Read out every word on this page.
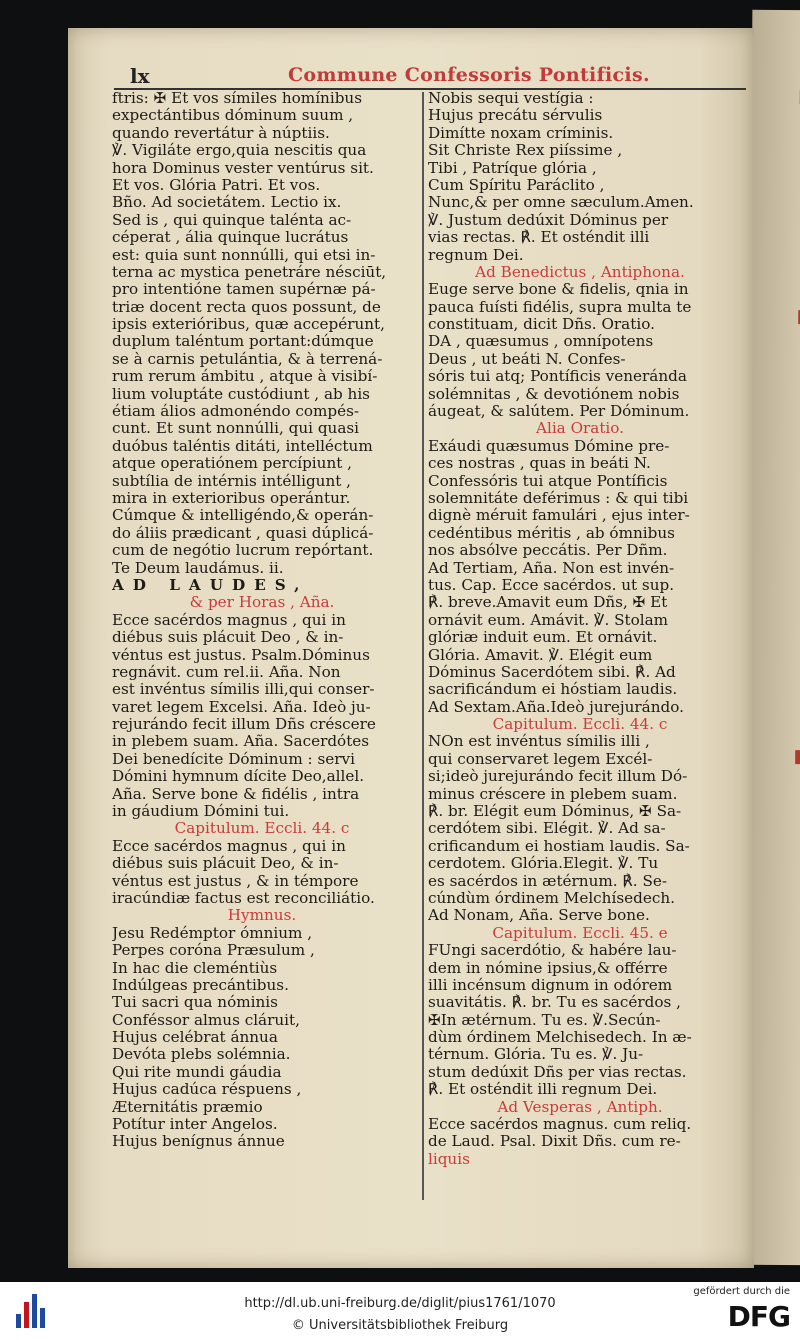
lx	Commune Confessoris Pontificis.
ftris: ✠ Et vos símiles homínibus
expectántibus dóminum suum ,
quando revertátur à núptiis.
℣. Vigiláte ergo,quia nescitis qua
hora Dominus vester ventúrus sit.
Et vos. Glória Patri. Et vos.
Bño. Ad societátem. Lectio ix.
Sed is , qui quinque talénta ac-
céperat , ália quinque lucrátus
est: quia sunt nonnúlli, qui etsi in-
terna ac mystica penetráre nésciūt,
pro intentióne tamen supérnæ pá-
triæ docent recta quos possunt, de
ipsis exterióribus, quæ accepérunt,
duplum taléntum portant:dúmque
se à carnis petulántia, & à terrená-
rum rerum ámbitu , atque à visibí-
lium voluptáte custódiunt , ab his
étiam álios admonéndo compés-
cunt. Et sunt nonnúlli, qui quasi
duóbus taléntis ditáti, intelléctum
atque operatiónem percípiunt ,
subtília de intérnis intélligunt ,
mira in exterioribus operántur.
Cúmque & intelligéndo,& operán-
do áliis prædicant , quasi dúplicá-
cum de negótio lucrum repórtant.
Te Deum laudámus. ii.
AD LAUDES,
& per Horas , Aña.
Ecce sacérdos magnus , qui in
diébus suis plácuit Deo , & in-
véntus est justus. Psalm.Dóminus
regnávit. cum rel.ii. Aña. Non
est invéntus símilis illi,qui conser-
varet legem Excelsi. Aña. Ideò ju-
rejurándo fecit illum Dñs créscere
in plebem suam. Aña. Sacerdótes
Dei benedícite Dóminum : servi
Dómini hymnum dícite Deo,allel.
Aña. Serve bone & fidélis , intra
in gáudium Dómini tui.
Capitulum. Eccli. 44. c
Ecce sacérdos magnus , qui in
diébus suis plácuit Deo, & in-
véntus est justus , & in témpore
iracúndiæ factus est reconciliátio.
Hymnus.
Jesu Redémptor ómnium ,
Perpes coróna Præsulum ,
In hac die cleméntiùs
Indúlgeas precántibus.
Tui sacri qua nóminis
Conféssor almus cláruit,
Hujus celébrat ánnua
Devóta plebs solémnia.
Qui rite mundi gáudia
Hujus cadúca réspuens ,
Æternitátis præmio
Potítur inter Angelos.
Hujus benígnus ánnue
Nobis sequi vestígia :
Hujus precátu sérvulis
Dimítte noxam críminis.
Sit Christe Rex piíssime ,
Tibi , Patríque glória ,
Cum Spíritu Paráclito ,
Nunc,& per omne sæculum.Amen.
℣. Justum dedúxit Dóminus per
vias rectas. ℟. Et osténdit illi
regnum Dei.
Ad Benedictus , Antiphona.
Euge serve bone & fidelis, qnia in
pauca fuísti fidélis, supra multa te
constituam, dicit Dñs. Oratio.
DA , quæsumus , omnípotens
Deus , ut beáti N. Confes-
sóris tui atq; Pontíficis veneránda
solémnitas , & devotiónem nobis
áugeat, & salútem. Per Dóminum.
Alia Oratio.
Exáudi quæsumus Dómine pre-
ces nostras , quas in beáti N.
Confessóris tui atque Pontíficis
solemnitáte deférimus : & qui tibi
dignè méruit famulári , ejus inter-
cedéntibus méritis , ab ómnibus
nos absólve peccátis. Per Dñm.
Ad Tertiam, Aña. Non est invén-
tus. Cap. Ecce sacérdos. ut sup.
℟. breve.Amavit eum Dñs, ✠ Et
ornávit eum. Amávit. ℣. Stolam
glóriæ induit eum. Et ornávit.
Glória. Amavit. ℣. Elégit eum
Dóminus Sacerdótem sibi. ℟. Ad
sacrificándum ei hóstiam laudis.
Ad Sextam.Aña.Ideò jurejurándo.
Capitulum. Eccli. 44. c
NOn est invéntus símilis illi ,
qui conservaret legem Excél-
si;ideò jurejurándo fecit illum Dó-
minus créscere in plebem suam.
℟. br. Elégit eum Dóminus, ✠ Sa-
cerdótem sibi. Elégit. ℣. Ad sa-
crificandum ei hostiam laudis. Sa-
cerdotem. Glória.Elegit. ℣. Tu
es sacérdos in ætérnum. ℟. Se-
cúndùm órdinem Melchísedech.
Ad Nonam, Aña. Serve bone.
Capitulum. Eccli. 45. e
FUngi sacerdótio, & habére lau-
dem in nómine ipsius,& offérre
illi incénsum dignum in odórem
suavitátis. ℟. br. Tu es sacérdos ,
✠In ætérnum. Tu es. ℣.Secún-
dùm órdinem Melchisedech. In æ-
térnum. Glória. Tu es. ℣. Ju-
stum dedúxit Dñs per vias rectas.
℟. Et osténdit illi regnum Dei.
Ad Vesperas , Antiph.
Ecce sacérdos magnus. cum reliq.
de Laud. Psal. Dixit Dñs. cum re-
liquis
http://dl.ub.uni-freiburg.de/diglit/pius1761/1070
© Universitätsbibliothek Freiburg
gefördert durch die
DFG
